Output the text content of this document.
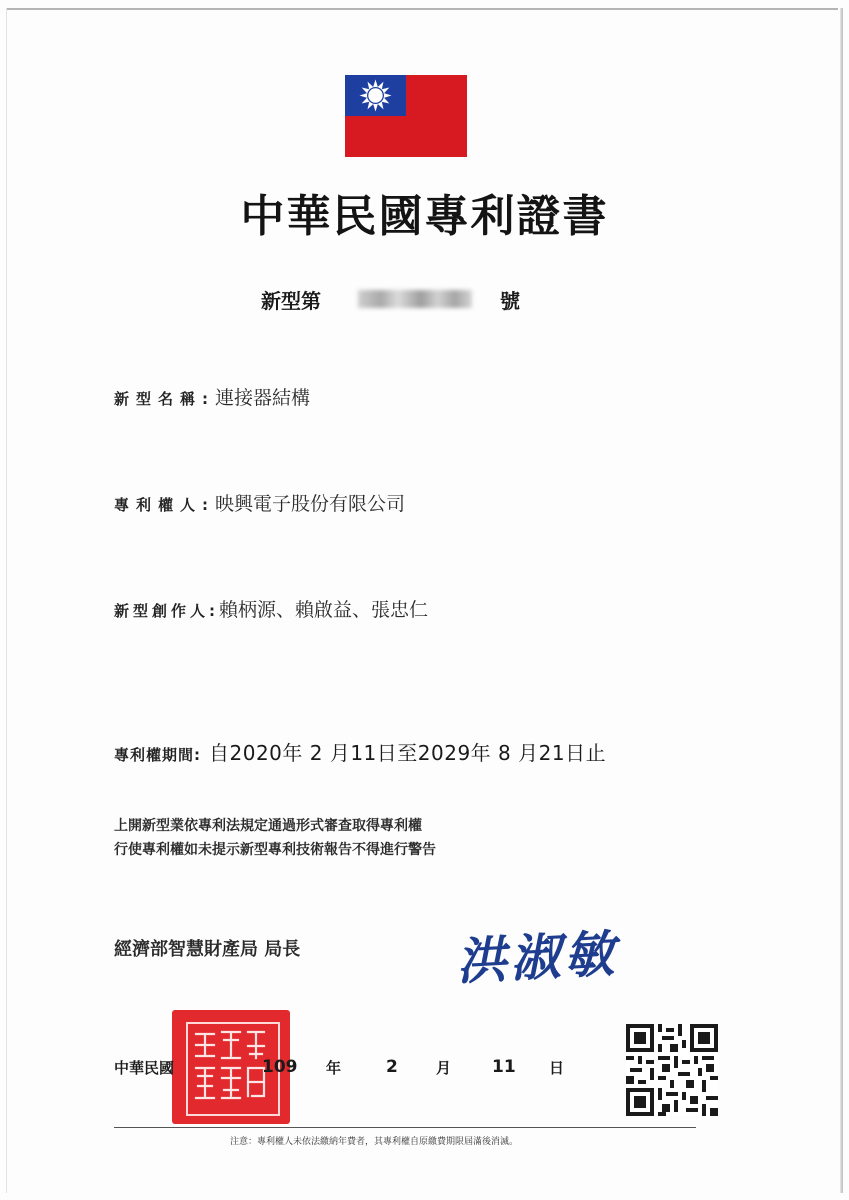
中華民國專利證書
新型第	號
新型名稱:連接器結構
專利權人:映興電子股份有限公司
新型創作人:賴柄源、賴啟益、張忠仁
專利權期間: 自2020年 2 月11日至2029年 8 月21日止
上開新型業依專利法規定通過形式審查取得專利權
行使專利權如未提示新型專利技術報告不得進行警告
經濟部智慧財產局 局長	洪淑敏
中華民國	109 年	2	月 11 日
注意：專利權人未依法繳納年費者，其專利權自原繳費期限屆滿後消滅。
